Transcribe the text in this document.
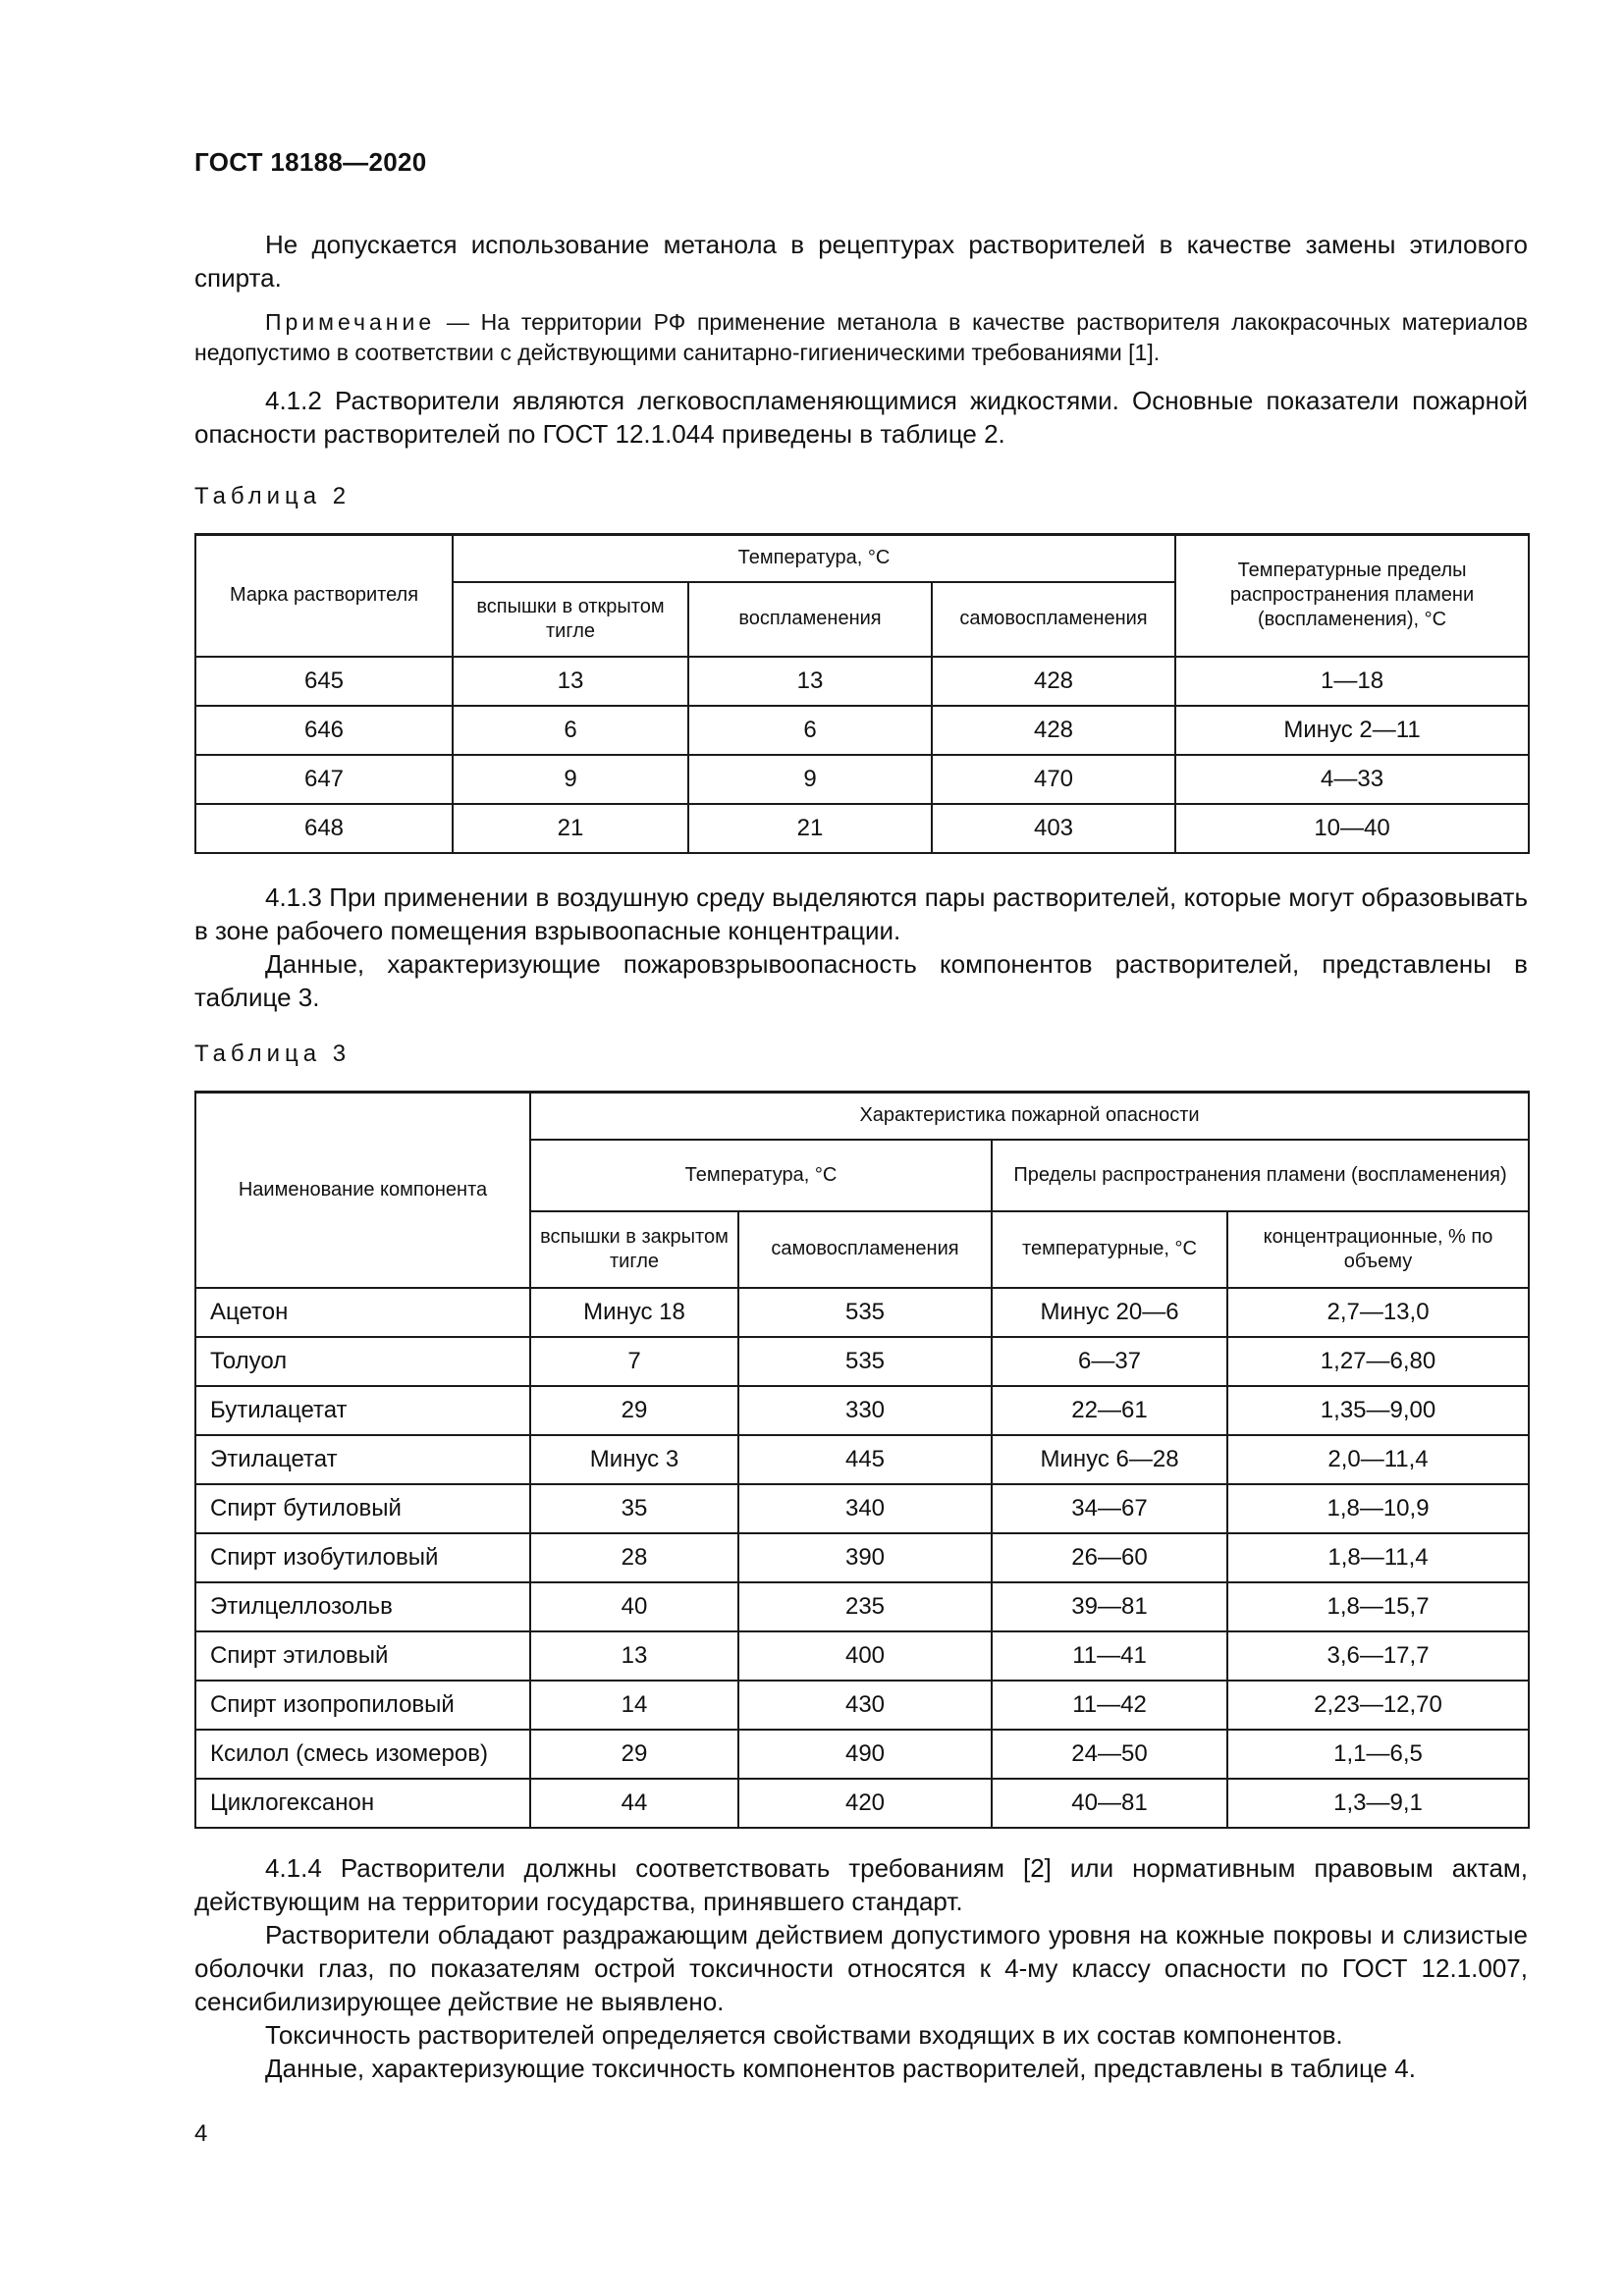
ГОСТ 18188—2020

Не допускается использование метанола в рецептурах растворителей в качестве замены этилового спирта.

Примечание — На территории РФ применение метанола в качестве растворителя лакокрасочных материалов недопустимо в соответствии с действующими санитарно-гигиеническими требованиями [1].

4.1.2 Растворители являются легковоспламеняющимися жидкостями. Основные показатели пожарной опасности растворителей по ГОСТ 12.1.044 приведены в таблице 2.

Таблица 2

Марка растворителя	Температура, °С			Температурные пределы распространения пламени (воспламенения), °С
	вспышки в открытом тигле	воспламенения	самовоспламенения	
645	13	13	428	1—18
646	6	6	428	Минус 2—11
647	9	9	470	4—33
648	21	21	403	10—40

4.1.3 При применении в воздушную среду выделяются пары растворителей, которые могут образовывать в зоне рабочего помещения взрывоопасные концентрации.

Данные, характеризующие пожаровзрывоопасность компонентов растворителей, представлены в таблице 3.

Таблица 3

Наименование компонента	Характеристика пожарной опасности			
	Температура, °С		Пределы распространения пламени (воспламенения)	
	вспышки в закрытом тигле	самовоспламенения	температурные, °С	концентрационные, % по объему
Ацетон	Минус 18	535	Минус 20—6	2,7—13,0
Толуол	7	535	6—37	1,27—6,80
Бутилацетат	29	330	22—61	1,35—9,00
Этилацетат	Минус 3	445	Минус 6—28	2,0—11,4
Спирт бутиловый	35	340	34—67	1,8—10,9
Спирт изобутиловый	28	390	26—60	1,8—11,4
Этилцеллозольв	40	235	39—81	1,8—15,7
Спирт этиловый	13	400	11—41	3,6—17,7
Спирт изопропиловый	14	430	11—42	2,23—12,70
Ксилол (смесь изомеров)	29	490	24—50	1,1—6,5
Циклогексанон	44	420	40—81	1,3—9,1

4.1.4 Растворители должны соответствовать требованиям [2] или нормативным правовым актам, действующим на территории государства, принявшего стандарт.

Растворители обладают раздражающим действием допустимого уровня на кожные покровы и слизистые оболочки глаз, по показателям острой токсичности относятся к 4-му классу опасности по ГОСТ 12.1.007, сенсибилизирующее действие не выявлено.

Токсичность растворителей определяется свойствами входящих в их состав компонентов.

Данные, характеризующие токсичность компонентов растворителей, представлены в таблице 4.

4
